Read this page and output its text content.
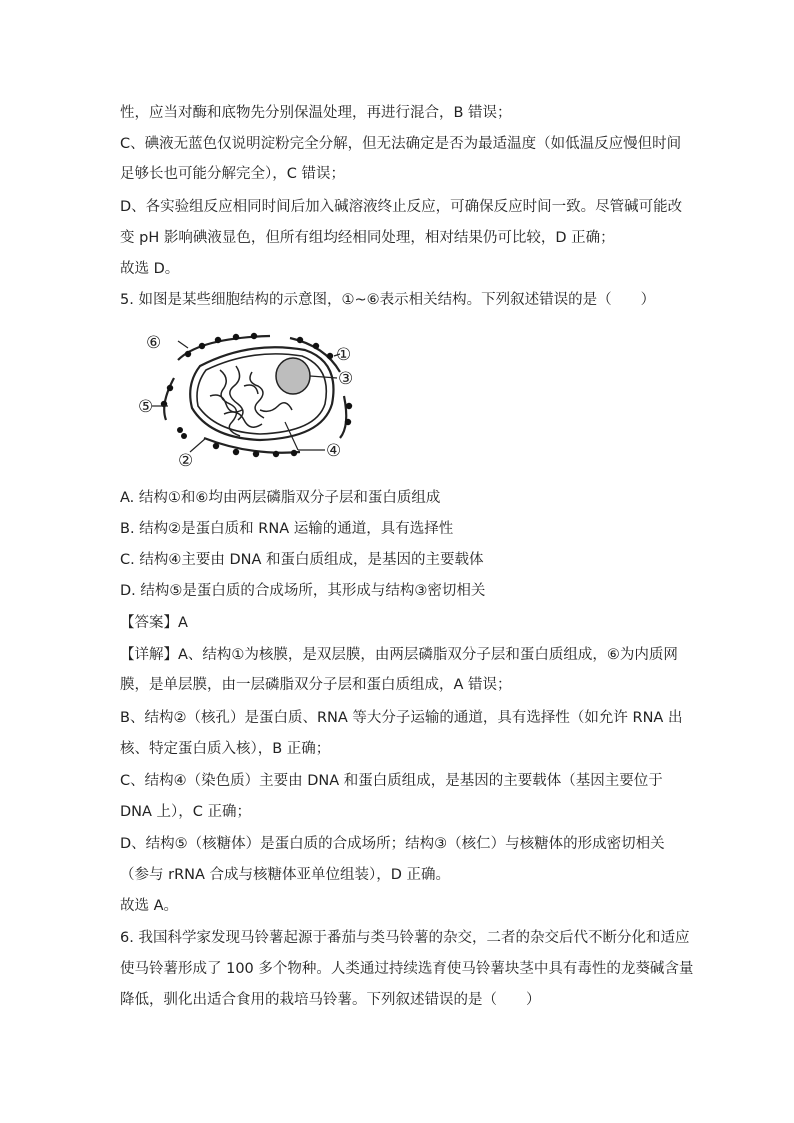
性，应当对酶和底物先分别保温处理，再进行混合，B 错误；
C、碘液无蓝色仅说明淀粉完全分解，但无法确定是否为最适温度（如低温反应慢但时间
足够长也可能分解完全），C 错误；
D、各实验组反应相同时间后加入碱溶液终止反应，可确保反应时间一致。尽管碱可能改
变 pH 影响碘液显色，但所有组均经相同处理，相对结果仍可比较，D 正确；
故选 D。
5. 如图是某些细胞结构的示意图，①~⑥表示相关结构。下列叙述错误的是（　　）
⑥
①
③
⑤
④
②
A. 结构①和⑥均由两层磷脂双分子层和蛋白质组成
B. 结构②是蛋白质和 RNA 运输的通道，具有选择性
C. 结构④主要由 DNA 和蛋白质组成，是基因的主要载体
D. 结构⑤是蛋白质的合成场所，其形成与结构③密切相关
【答案】A
【详解】A、结构①为核膜，是双层膜，由两层磷脂双分子层和蛋白质组成，⑥为内质网
膜，是单层膜，由一层磷脂双分子层和蛋白质组成，A 错误；
B、结构②（核孔）是蛋白质、RNA 等大分子运输的通道，具有选择性（如允许 RNA 出
核、特定蛋白质入核），B 正确；
C、结构④（染色质）主要由 DNA 和蛋白质组成，是基因的主要载体（基因主要位于
DNA 上），C 正确；
D、结构⑤（核糖体）是蛋白质的合成场所；结构③（核仁）与核糖体的形成密切相关
（参与 rRNA 合成与核糖体亚单位组装），D 正确。
故选 A。
6. 我国科学家发现马铃薯起源于番茄与类马铃薯的杂交，二者的杂交后代不断分化和适应
使马铃薯形成了 100 多个物种。人类通过持续选育使马铃薯块茎中具有毒性的龙葵碱含量
降低，驯化出适合食用的栽培马铃薯。下列叙述错误的是（　　）
